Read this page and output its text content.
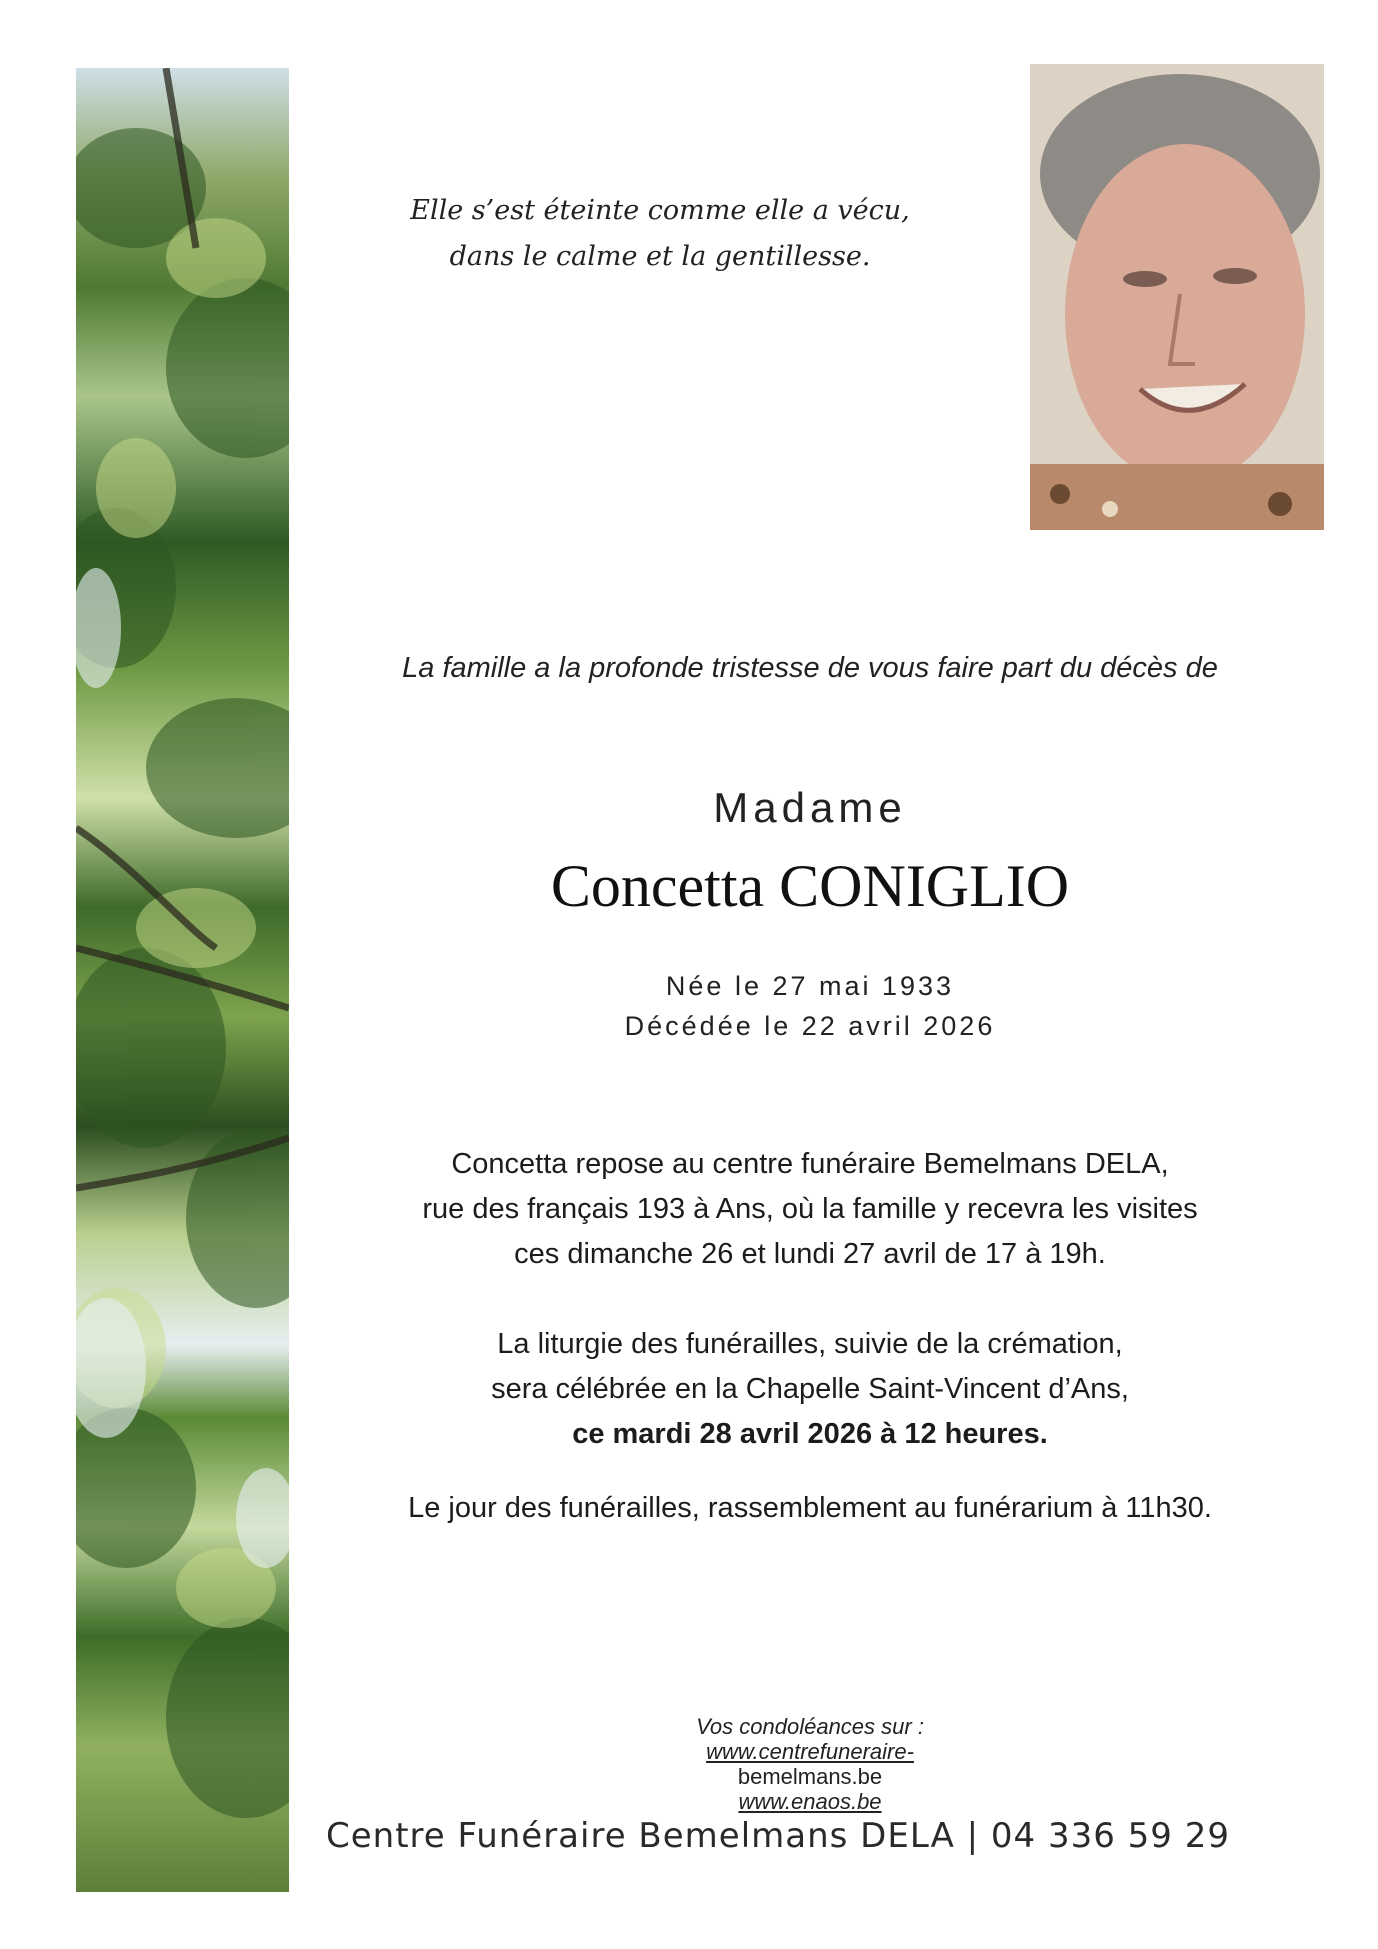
Elle s’est éteinte comme elle a vécu,
dans le calme et la gentillesse.
La famille a la profonde tristesse de vous faire part du décès de
Madame
Concetta CONIGLIO
Née le 27 mai 1933
Décédée le 22 avril 2026
Concetta repose au centre funéraire Bemelmans DELA,
rue des français 193 à Ans, où la famille y recevra les visites
ces dimanche 26 et lundi 27 avril de 17 à 19h.
La liturgie des funérailles, suivie de la crémation,
sera célébrée en la Chapelle Saint-Vincent d’Ans,
ce mardi 28 avril 2026 à 12 heures.
Le jour des funérailles, rassemblement au funérarium à 11h30.
Vos condoléances sur :
www.centrefuneraire-
bemelmans.be
www.enaos.be
Centre Funéraire Bemelmans DELA | 04 336 59 29
